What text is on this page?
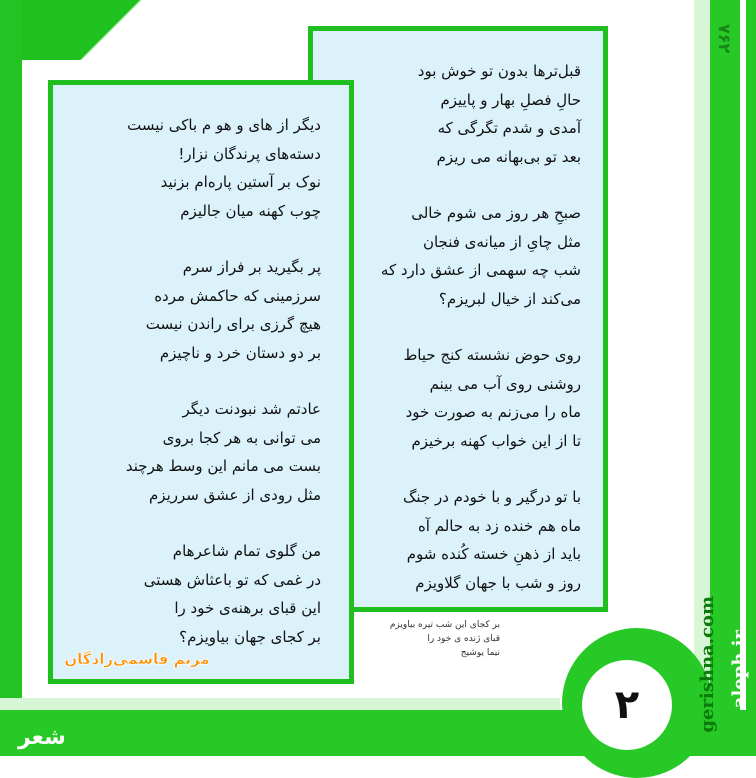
۷۶۲
قبل‌ترها بدون تو خوش بود
حالِ فصلِ بهار و پاییزم
آمدی و شدم تگرگی که
بعد تو بی‌بهانه می ریزم
صبحِ هر روز می شوم خالی
مثل چایِ از میانه‌ی فنجان
شب چه سهمی از عشق دارد که
می‌کند از خیال لبریزم؟
روی حوض نشسته کنج حیاط
روشنی روی آب می بینم
ماه را می‌زنم به صورت خود
تا از این خواب کهنه برخیزم
با تو درگیر و با خودم در جنگ
ماه هم خنده زد به حالم آه
باید از ذهنِ خسته کُنده شوم
روز و شب با جهان گلاویزم
دیگر از های و هو م باکی نیست
دسته‌های پرندگان نزار!
نوک بر آستین پاره‌ام بزنید
چوب کهنه میان جالیزم
پر بگیرید بر فراز سرم
سرزمینی که حاکمش مرده
هیچ گرزی برای راندن نیست
بر دو دستان خرد و ناچیزم
عادتم شد نبودنت دیگر
می توانی به هر کجا بروی
بست می مانم این وسط هرچند
مثل رودی از عشق سرریزم
من گلوی تمام شاعرهام
در غمی که تو باعثاش هستی
این قبای برهنه‌ی خود را
بر کجای جهان بیاویزم؟
بر کجای این شب تیره بیاویزم
قبای ژنده ی خود را
نیما یوشیج
مریم قاسمی‌زادگان
۲
شعر
gerishna.com aleph.ir
